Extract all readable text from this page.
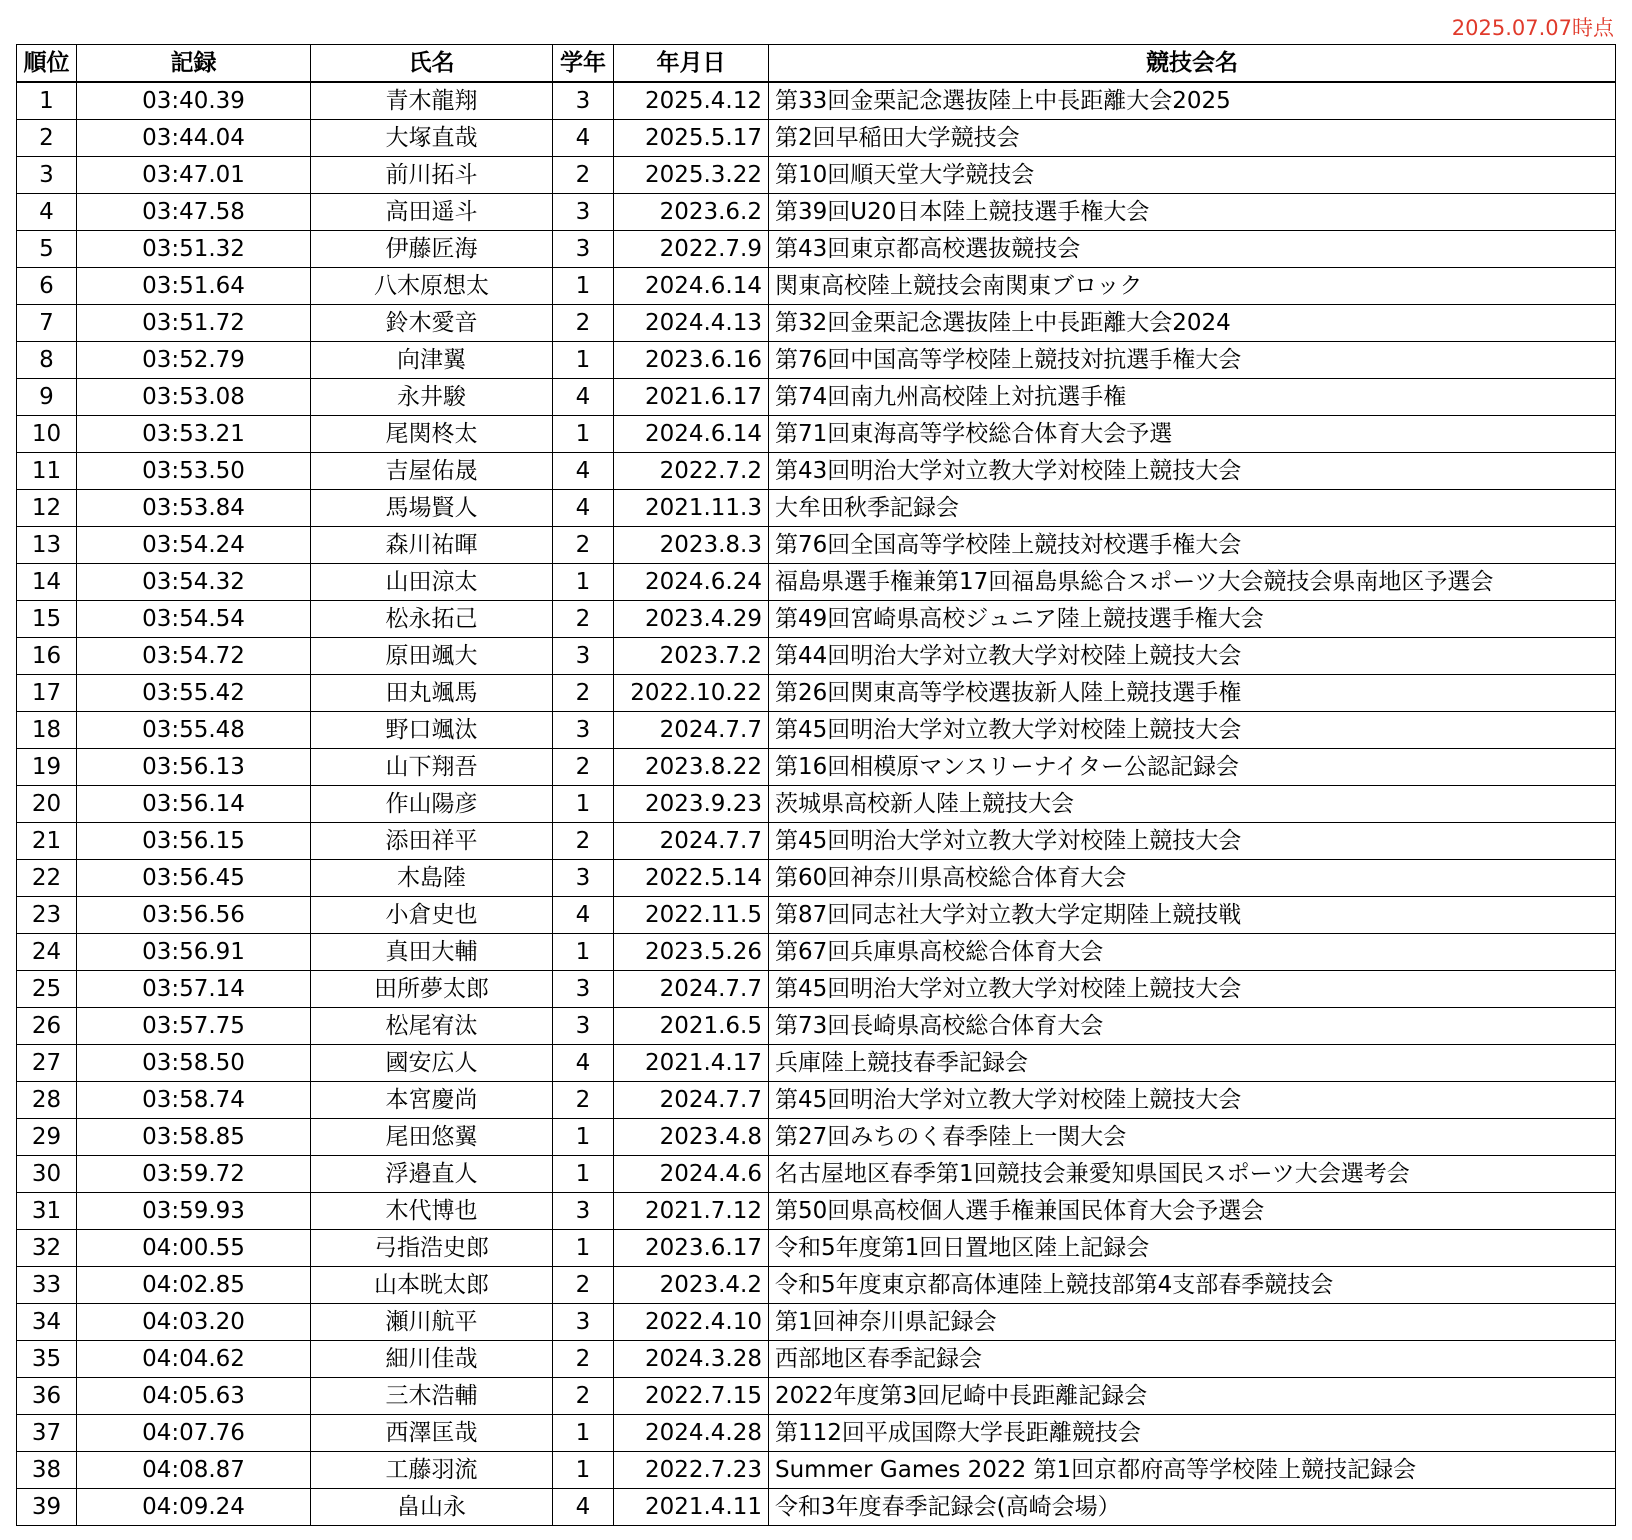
2025.07.07時点
順位	記録	氏名	学年	年月日	競技会名
1	03:40.39	青木龍翔	3	2025.4.12	第33回金栗記念選抜陸上中長距離大会2025
2	03:44.04	大塚直哉	4	2025.5.17	第2回早稲田大学競技会
3	03:47.01	前川拓斗	2	2025.3.22	第10回順天堂大学競技会
4	03:47.58	高田遥斗	3	2023.6.2	第39回U20日本陸上競技選手権大会
5	03:51.32	伊藤匠海	3	2022.7.9	第43回東京都高校選抜競技会
6	03:51.64	八木原想太	1	2024.6.14	関東高校陸上競技会南関東ブロック
7	03:51.72	鈴木愛音	2	2024.4.13	第32回金栗記念選抜陸上中長距離大会2024
8	03:52.79	向津翼	1	2023.6.16	第76回中国高等学校陸上競技対抗選手権大会
9	03:53.08	永井駿	4	2021.6.17	第74回南九州高校陸上対抗選手権
10	03:53.21	尾関柊太	1	2024.6.14	第71回東海高等学校総合体育大会予選
11	03:53.50	吉屋佑晟	4	2022.7.2	第43回明治大学対立教大学対校陸上競技大会
12	03:53.84	馬場賢人	4	2021.11.3	大牟田秋季記録会
13	03:54.24	森川祐暉	2	2023.8.3	第76回全国高等学校陸上競技対校選手権大会
14	03:54.32	山田涼太	1	2024.6.24	福島県選手権兼第17回福島県総合スポーツ大会競技会県南地区予選会
15	03:54.54	松永拓己	2	2023.4.29	第49回宮崎県高校ジュニア陸上競技選手権大会
16	03:54.72	原田颯大	3	2023.7.2	第44回明治大学対立教大学対校陸上競技大会
17	03:55.42	田丸颯馬	2	2022.10.22	第26回関東高等学校選抜新人陸上競技選手権
18	03:55.48	野口颯汰	3	2024.7.7	第45回明治大学対立教大学対校陸上競技大会
19	03:56.13	山下翔吾	2	2023.8.22	第16回相模原マンスリーナイター公認記録会
20	03:56.14	作山陽彦	1	2023.9.23	茨城県高校新人陸上競技大会
21	03:56.15	添田祥平	2	2024.7.7	第45回明治大学対立教大学対校陸上競技大会
22	03:56.45	木島陸	3	2022.5.14	第60回神奈川県高校総合体育大会
23	03:56.56	小倉史也	4	2022.11.5	第87回同志社大学対立教大学定期陸上競技戦
24	03:56.91	真田大輔	1	2023.5.26	第67回兵庫県高校総合体育大会
25	03:57.14	田所夢太郎	3	2024.7.7	第45回明治大学対立教大学対校陸上競技大会
26	03:57.75	松尾宥汰	3	2021.6.5	第73回長崎県高校総合体育大会
27	03:58.50	國安広人	4	2021.4.17	兵庫陸上競技春季記録会
28	03:58.74	本宮慶尚	2	2024.7.7	第45回明治大学対立教大学対校陸上競技大会
29	03:58.85	尾田悠翼	1	2023.4.8	第27回みちのく春季陸上一関大会
30	03:59.72	浮邉直人	1	2024.4.6	名古屋地区春季第1回競技会兼愛知県国民スポーツ大会選考会
31	03:59.93	木代博也	3	2021.7.12	第50回県高校個人選手権兼国民体育大会予選会
32	04:00.55	弓指浩史郎	1	2023.6.17	令和5年度第1回日置地区陸上記録会
33	04:02.85	山本晄太郎	2	2023.4.2	令和5年度東京都高体連陸上競技部第4支部春季競技会
34	04:03.20	瀬川航平	3	2022.4.10	第1回神奈川県記録会
35	04:04.62	細川佳哉	2	2024.3.28	西部地区春季記録会
36	04:05.63	三木浩輔	2	2022.7.15	2022年度第3回尼崎中長距離記録会
37	04:07.76	西澤匡哉	1	2024.4.28	第112回平成国際大学長距離競技会
38	04:08.87	工藤羽流	1	2022.7.23	Summer Games 2022 第1回京都府高等学校陸上競技記録会
39	04:09.24	畠山永	4	2021.4.11	令和3年度春季記録会(高崎会場）
